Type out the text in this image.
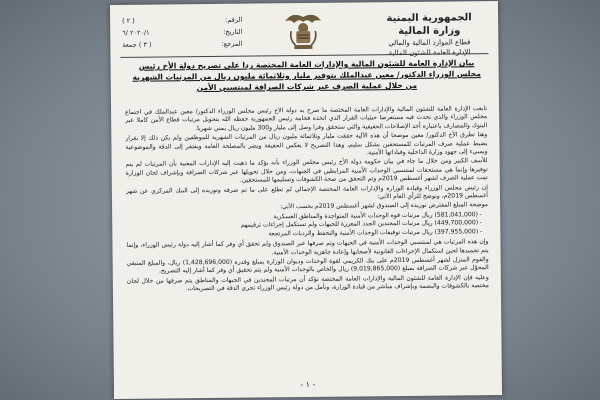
الجمهورية اليمنية
وزارة المالية
قطاع الموارد المالية والمالي
الإدارة العامة للشئون المالية
الرقم:
( ٢ )
التاريخ:
٢٠٢٠/١ /٦
المرجع:
( ٣ ) جمعة
بيان الإدارة العامة للشئون المالية والإدارات العامة المختصة ردا على تصريح دولة الأخ رئيس مجلس الوزراء الدكتور/ معين عبدالملك بتوفير مليار وثلاثمائة مليون ريال من المرتبات الشهرية من خلال عملية الصرف عبر شركات الصرافة لمنتسبي الأمن

تابعت الإدارة العامة للشئون المالية والإدارات العامة المختصة ما صرح به دولة الأخ رئيس مجلس الوزراء الدكتور/ معين عبدالملك في اجتماع مجلس الوزراء والذي تحدث فيه مستعرضا حيثيات القرار الذي اتخذه فخامة رئيس الجمهورية حفظه الله بتحويل مرتبات قطاع الأمن كاملا عبر البنوك والمصارف باعتباره أحد الإصلاحات الحقيقية والتي ستحقق وفرا وصل إلى مليار و300 مليون ريال يمني شهريا.

وهنا تطرق الأخ الدكتور/ معين موضحا أن هذه الآلية حققت مليار وثلاثمائة مليون ريال من المرتبات الشهرية للموظفين ولم يكن ذلك إلا بقرار يضبط عملية صرف المرتبات للمستحقين بشكل سليم، وهذا التصريح لا يعكس الحقيقة ويضر بالمصلحة العامة ويفتقر إلى الدقة والموضوعية ويسيء إلى جهود وزارة الداخلية وقياداتها الأمنية.

للأسف الكبير ومن خلال ما جاء في بيان حكومة دولة الأخ رئيس مجلس الوزراء بأنه يؤكد ما ذهبت إليه الإدارات المعنية بأن المرتبات لم يتم توفيرها وإنما هي مستحقات لمنتسبي الوحدات الأمنية المرابطين في الجبهات، ومن خلال تحويلها عبر شركات الصرافة وبإشراف لجان الوزارة تمت عملية الصرف لشهر أغسطس 2019م وتم التحقق من صحة الكشوفات وتسليمها للمستحقين.

إن رئيس مجلس الوزراء وقيادة الوزارة والإدارات العامة المختصة الإجمالي لم تطلع على ما تم صرفه وتوريده إلى البنك المركزي عن شهر أغسطس 2019م، ونوضح للرأي العام الآتي:

موضحة المبلغ المفترض توريده إلى الصندوق لشهر أغسطس 2019م بحسب الآتي:

- (581,041,000) ريال مرتبات قوة الوحدات الأمنية المتواجدة والمناطق العسكرية
- (449,700,000) ريال مرتبات المجندين الجدد المعززة للجبهات ولم تستكمل إجراءات ترقيمهم
- (397,955,000) ريال مرتبات توقيفات الوحدات الأمنية والتحفظ والرديات المرتجعة

وإن هذه المرتبات هي لمنتسبي الوحدات الأمنية في الجبهات وتم صرفها عبر الصندوق ولم تحقق أي وفر كما أشار إليه دولة رئيس الوزراء، وإنما يتم تجميدها لحين استكمال الإجراءات القانونية لأصحابها وإعادة جاهزية الوحدات الأمنية.

والقوم المنزل لشهر أغسطس 2019م على بنك الكريمي لقوة الوحدات وديوان الوزارة بمبلغ وقدره (1,428,696,000) ريال، والمبلغ المتبقي المحوّل عبر شركات الصرافة بمبلغ (9,019,865,000) ريال والخاص بالوحدات الأمنية ولم يتم تحقيق أي وفر كما أشار إليه التصريح.

وعليه فإن الإدارة العامة للشئون المالية والإدارات العامة المختصة تؤكد أن مرتبات المجندين في الجبهات والمناطق يتم صرفها من خلال لجان مختصة بالكشوفات والبصمة وبإشراف مباشر من قيادة الوزارة، ونأمل من دولة رئيس الوزراء تحري الدقة في التصريحات.

- ١ -
